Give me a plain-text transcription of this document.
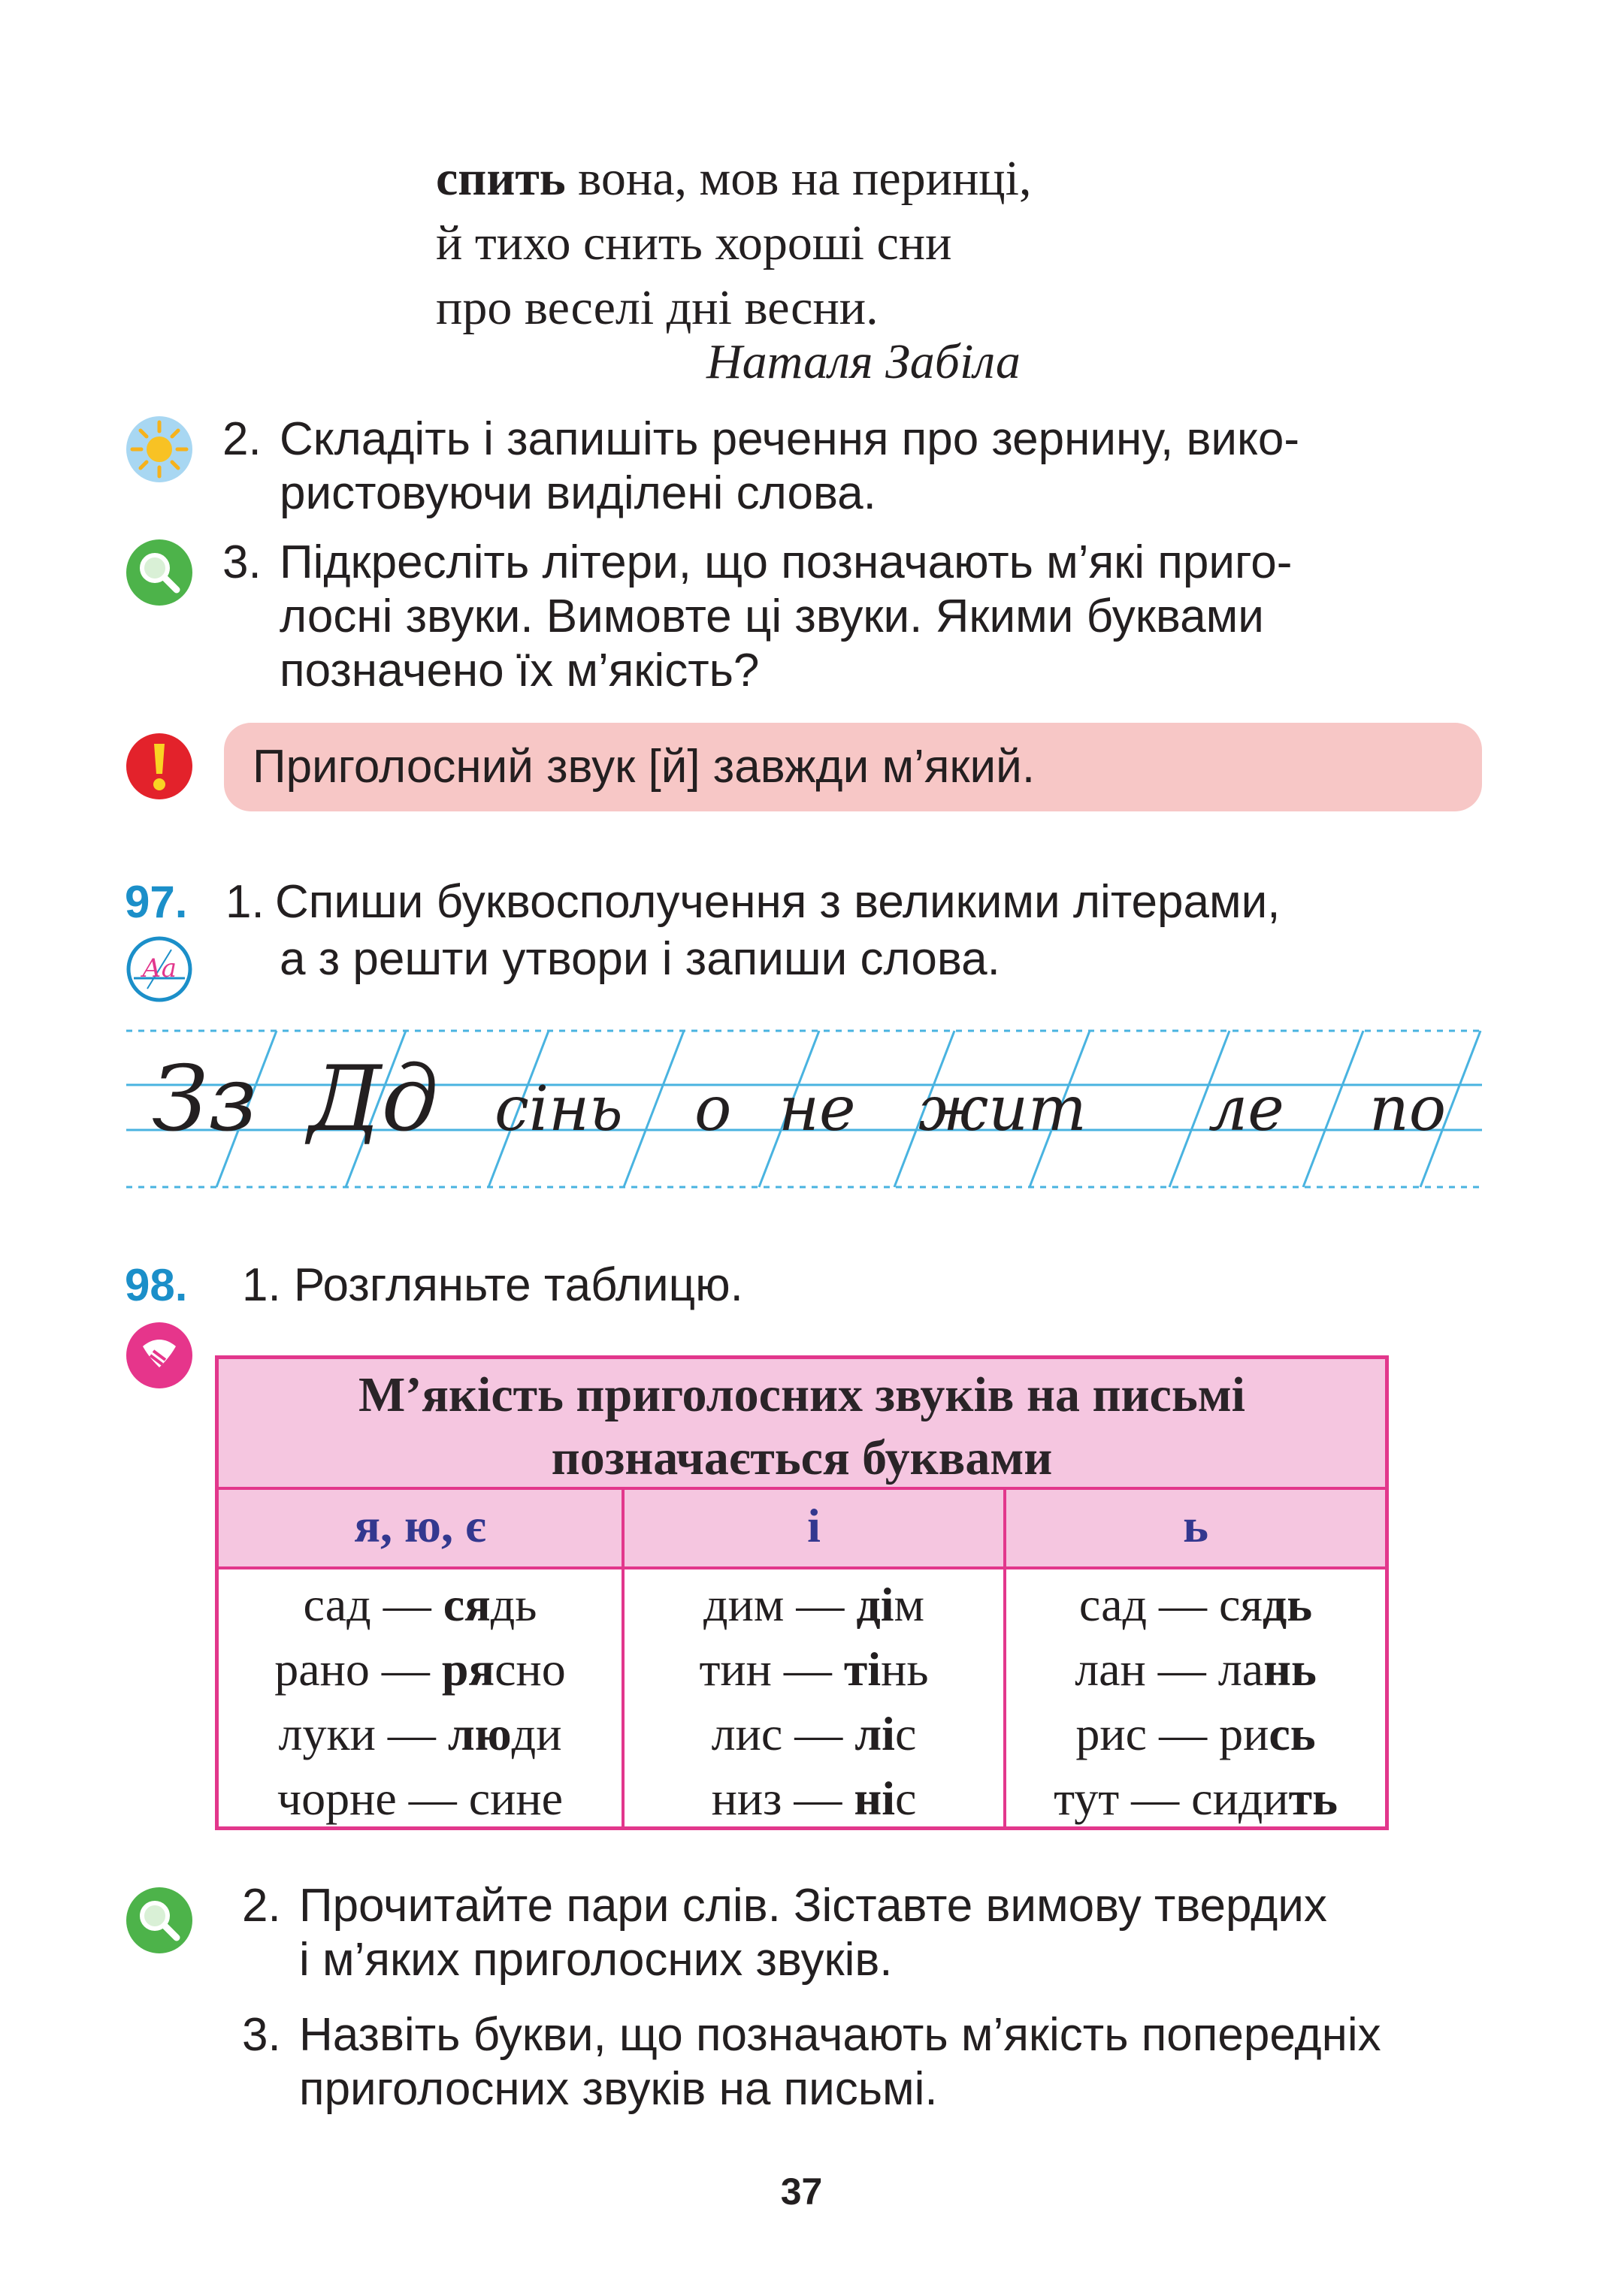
спить вона, мов на перинці,
й тихо снить хороші сни
про веселі дні весни.
Наталя Забіла
2. Складіть і запишіть речення про зернину, вико-
ристовуючи виділені слова.
3. Підкресліть літери, що позначають м’які приго-
лосні звуки. Вимовте ці звуки. Якими буквами
позначено їх м’якість?
Приголосний звук [й] завжди м’який.
97. 1. Спиши буквосполучення з великими літерами,
а з решти утвори і запиши слова.
Аа
Зз Дд сінь о не жит ле по
98. 1. Розгляньте таблицю.
М’якість приголосних звуків на письмі
позначається буквами
я, ю, є	і	ь
сад — сядь
рано — рясно
луки — люди
чорне — сине
дим — дім
тин — тінь
лис — ліс
низ — ніс
сад — сядь
лан — лань
рис — рись
тут — сидить
2. Прочитайте пари слів. Зіставте вимову твердих
і м’яких приголосних звуків.
3. Назвіть букви, що позначають м’якість попередніх
приголосних звуків на письмі.
37
